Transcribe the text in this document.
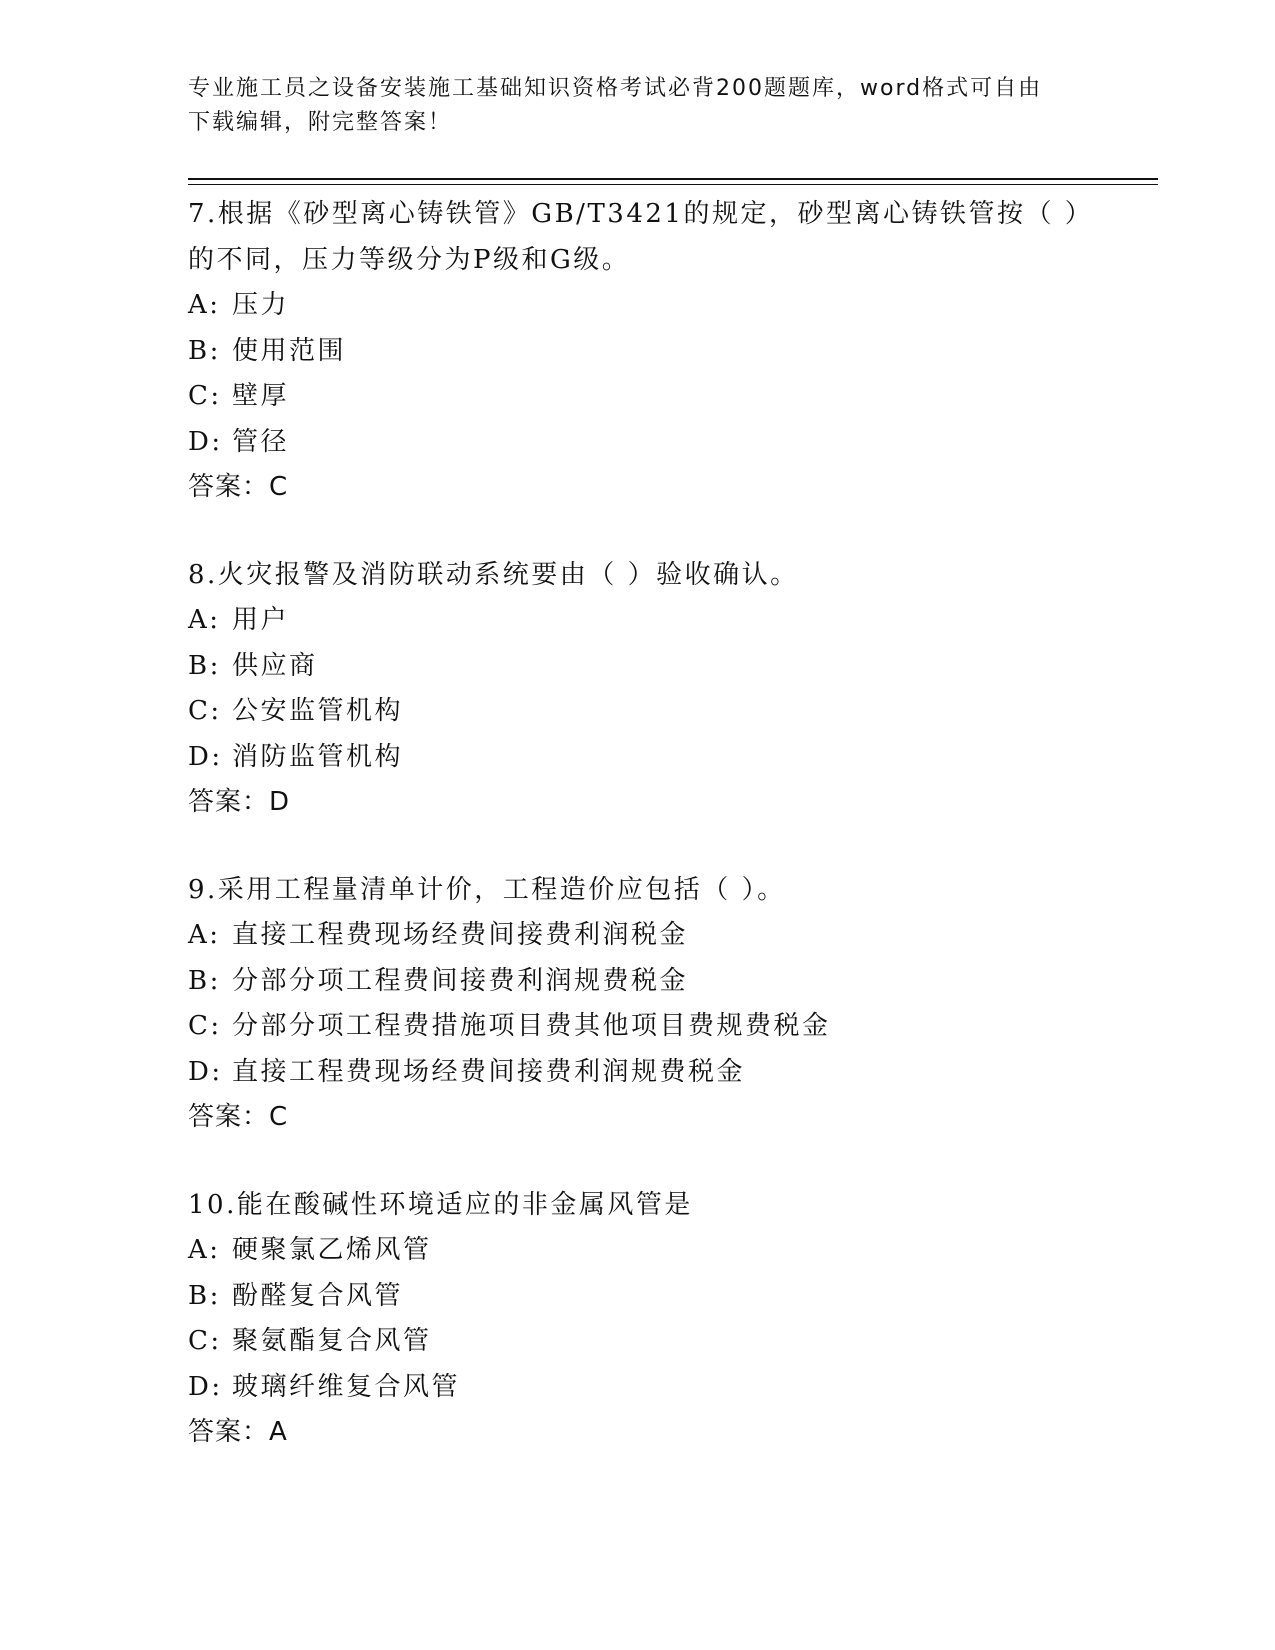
专业施工员之设备安装施工基础知识资格考试必背200题题库，word格式可自由
下载编辑，附完整答案！
7.根据《砂型离心铸铁管》GB/T3421的规定，砂型离心铸铁管按（ ）
的不同，压力等级分为P级和G级。
A: 压力
B: 使用范围
C: 壁厚
D: 管径
答案：C
8.火灾报警及消防联动系统要由（ ）验收确认。
A: 用户
B: 供应商
C: 公安监管机构
D: 消防监管机构
答案：D
9.采用工程量清单计价，工程造价应包括（ ）。
A: 直接工程费现场经费间接费利润税金
B: 分部分项工程费间接费利润规费税金
C: 分部分项工程费措施项目费其他项目费规费税金
D: 直接工程费现场经费间接费利润规费税金
答案：C
10.能在酸碱性环境适应的非金属风管是
A: 硬聚氯乙烯风管
B: 酚醛复合风管
C: 聚氨酯复合风管
D: 玻璃纤维复合风管
答案：A
